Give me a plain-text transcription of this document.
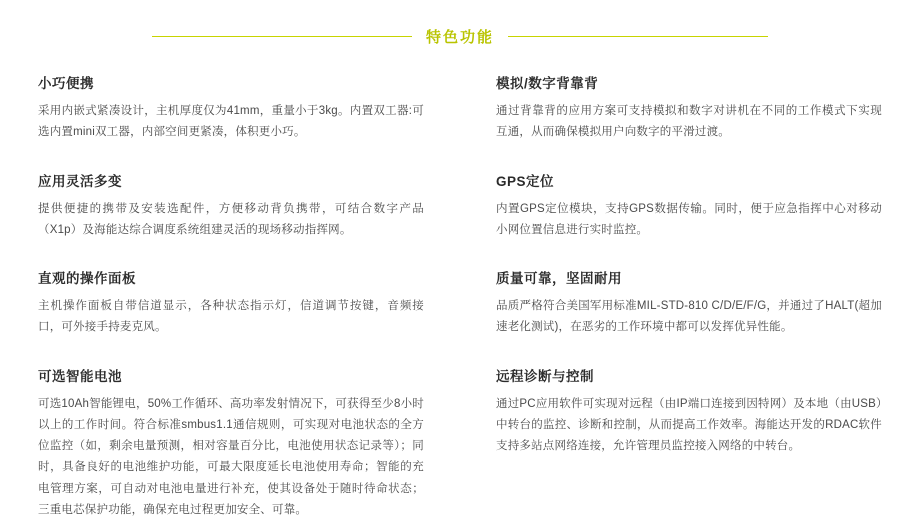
特色功能
小巧便携

采用内嵌式紧凑设计，主机厚度仅为41mm，重量小于3kg。内置双工器:可选内置mini双工器，内部空间更紧凑，体积更小巧。

应用灵活多变

提供便捷的携带及安装选配件，方便移动背负携带，可结合数字产品（X1p）及海能达综合调度系统组建灵活的现场移动指挥网。

直观的操作面板

主机操作面板自带信道显示，各种状态指示灯，信道调节按键，音频接口，可外接手持麦克风。

可选智能电池

可选10Ah智能锂电，50%工作循环、高功率发射情况下，可获得至少8小时以上的工作时间。符合标准smbus1.1通信规则，可实现对电池状态的全方位监控（如，剩余电量预测，相对容量百分比，电池使用状态记录等）；同时，具备良好的电池维护功能，可最大限度延长电池使用寿命；智能的充电管理方案，可自动对电池电量进行补充，使其设备处于随时待命状态；三重电芯保护功能，确保充电过程更加安全、可靠。

模拟/数字背靠背

通过背靠背的应用方案可支持模拟和数字对讲机在不同的工作模式下实现互通，从而确保模拟用户向数字的平滑过渡。

GPS定位

内置GPS定位模块，支持GPS数据传输。同时，便于应急指挥中心对移动小网位置信息进行实时监控。

质量可靠，坚固耐用

品质严格符合美国军用标准MIL-STD-810 C/D/E/F/G，并通过了HALT(超加速老化测试)，在恶劣的工作环境中都可以发挥优异性能。

远程诊断与控制

通过PC应用软件可实现对远程（由IP端口连接到因特网）及本地（由USB）中转台的监控、诊断和控制，从而提高工作效率。海能达开发的RDAC软件支持多站点网络连接，允许管理员监控接入网络的中转台。
